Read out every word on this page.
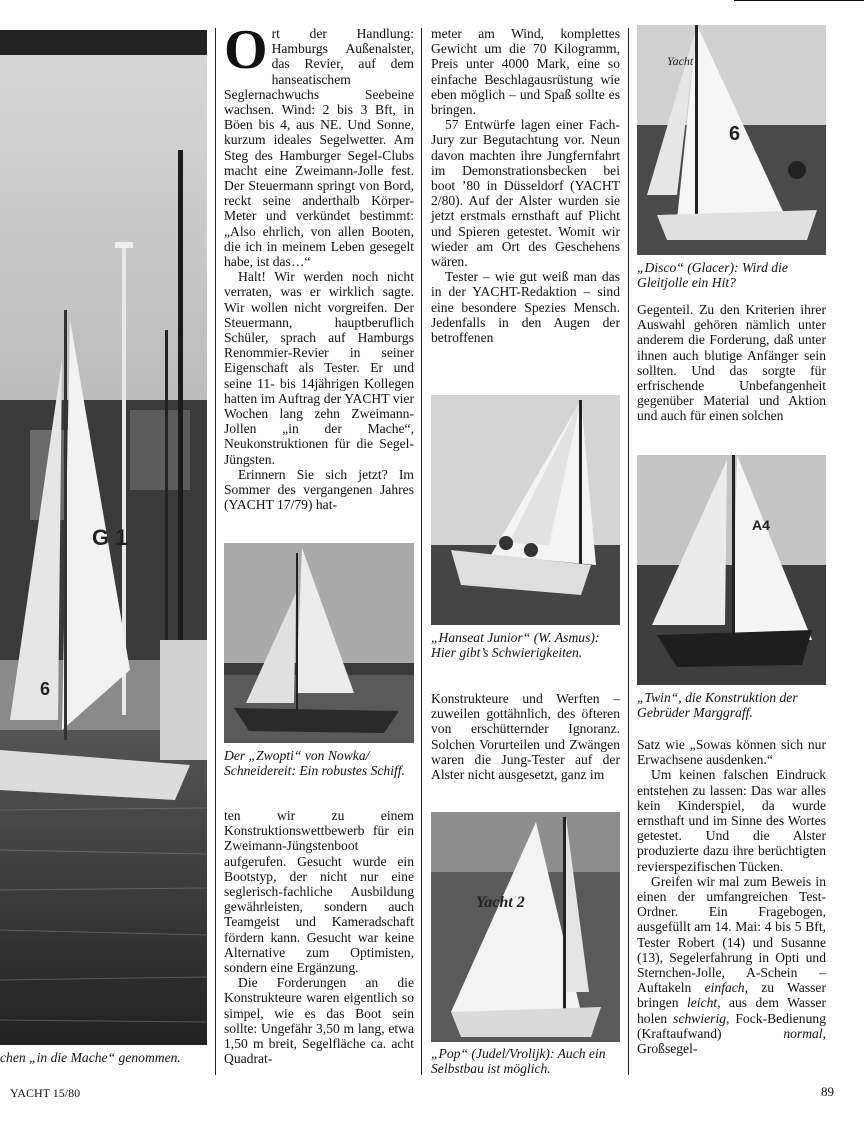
G 1
6
chen „in die Mache“ genommen.

Ort der Handlung: Hamburgs Außenalster, das Revier, auf dem hanseatischem Seglernachwuchs Seebeine wachsen. Wind: 2 bis 3 Bft, in Böen bis 4, aus NE. Und Sonne, kurzum ideales Segelwetter. Am Steg des Hamburger Segel-Clubs macht eine Zweimann-Jolle fest. Der Steuermann springt von Bord, reckt seine anderthalb Körper-Meter und verkündet bestimmt: „Also ehrlich, von allen Booten, die ich in meinem Leben gesegelt habe, ist das…“

Halt! Wir werden noch nicht verraten, was er wirklich sagte. Wir wollen nicht vorgreifen. Der Steuermann, hauptberuflich Schüler, sprach auf Hamburgs Renommier-Revier in seiner Eigenschaft als Tester. Er und seine 11- bis 14jährigen Kollegen hatten im Auftrag der YACHT vier Wochen lang zehn Zweimann-Jollen „in der Mache“, Neukonstruktionen für die Segel-Jüngsten.

Erinnern Sie sich jetzt? Im Sommer des vergangenen Jahres (YACHT 17/79) hat-

Der „Zwopti“ von Nowka/ Schneidereit: Ein robustes Schiff.

ten wir zu einem Konstruktionswettbewerb für ein Zweimann-Jüngstenboot aufgerufen. Gesucht wurde ein Bootstyp, der nicht nur eine seglerisch-fachliche Ausbildung gewährleisten, sondern auch Teamgeist und Kameradschaft fördern kann. Gesucht war keine Alternative zum Optimisten, sondern eine Ergänzung.

Die Forderungen an die Konstrukteure waren eigentlich so simpel, wie es das Boot sein sollte: Ungefähr 3,50 m lang, etwa 1,50 m breit, Segelfläche ca. acht Quadrat-

meter am Wind, komplettes Gewicht um die 70 Kilogramm, Preis unter 4000 Mark, eine so einfache Beschlagausrüstung wie eben möglich – und Spaß sollte es bringen.

57 Entwürfe lagen einer Fach-Jury zur Begutachtung vor. Neun davon machten ihre Jungfernfahrt im Demonstrationsbecken bei boot ’80 in Düsseldorf (YACHT 2/80). Auf der Alster wurden sie jetzt erstmals ernsthaft auf Plicht und Spieren getestet. Womit wir wieder am Ort des Geschehens wären.

Tester – wie gut weiß man das in der YACHT-Redaktion – sind eine besondere Spezies Mensch. Jedenfalls in den Augen der betroffenen

„Hanseat Junior“ (W. Asmus): Hier gibt’s Schwierigkeiten.

Konstrukteure und Werften – zuweilen gottähnlich, des öfteren von erschütternder Ignoranz. Solchen Vorurteilen und Zwängen waren die Jung-Tester auf der Alster nicht ausgesetzt, ganz im

Yacht 2
„Pop“ (Judel/Vrolijk): Auch ein Selbstbau ist möglich.
6
Yacht
„Disco“ (Glacer): Wird die Gleitjolle ein Hit?

Gegenteil. Zu den Kriterien ihrer Auswahl gehören nämlich unter anderem die Forderung, daß unter ihnen auch blutige Anfänger sein sollten. Und das sorgte für erfrischende Unbefangenheit gegenüber Material und Aktion und auch für einen solchen

A4
„Twin“, die Konstruktion der Gebrüder Marggraff.

Satz wie „Sowas können sich nur Erwachsene ausdenken.“

Um keinen falschen Eindruck entstehen zu lassen: Das war alles kein Kinderspiel, da wurde ernsthaft und im Sinne des Wortes getestet. Und die Alster produzierte dazu ihre berüchtigten revierspezifischen Tücken.

Greifen wir mal zum Beweis in einen der umfangreichen Test-Ordner. Ein Fragebogen, ausgefüllt am 14. Mai: 4 bis 5 Bft, Tester Robert (14) und Susanne (13), Segelerfahrung in Opti und Sternchen-Jolle, A-Schein – Auftakeln einfach, zu Wasser bringen leicht, aus dem Wasser holen schwierig, Fock-Bedienung (Kraftaufwand) normal, Großsegel-

YACHT 15/80	89
